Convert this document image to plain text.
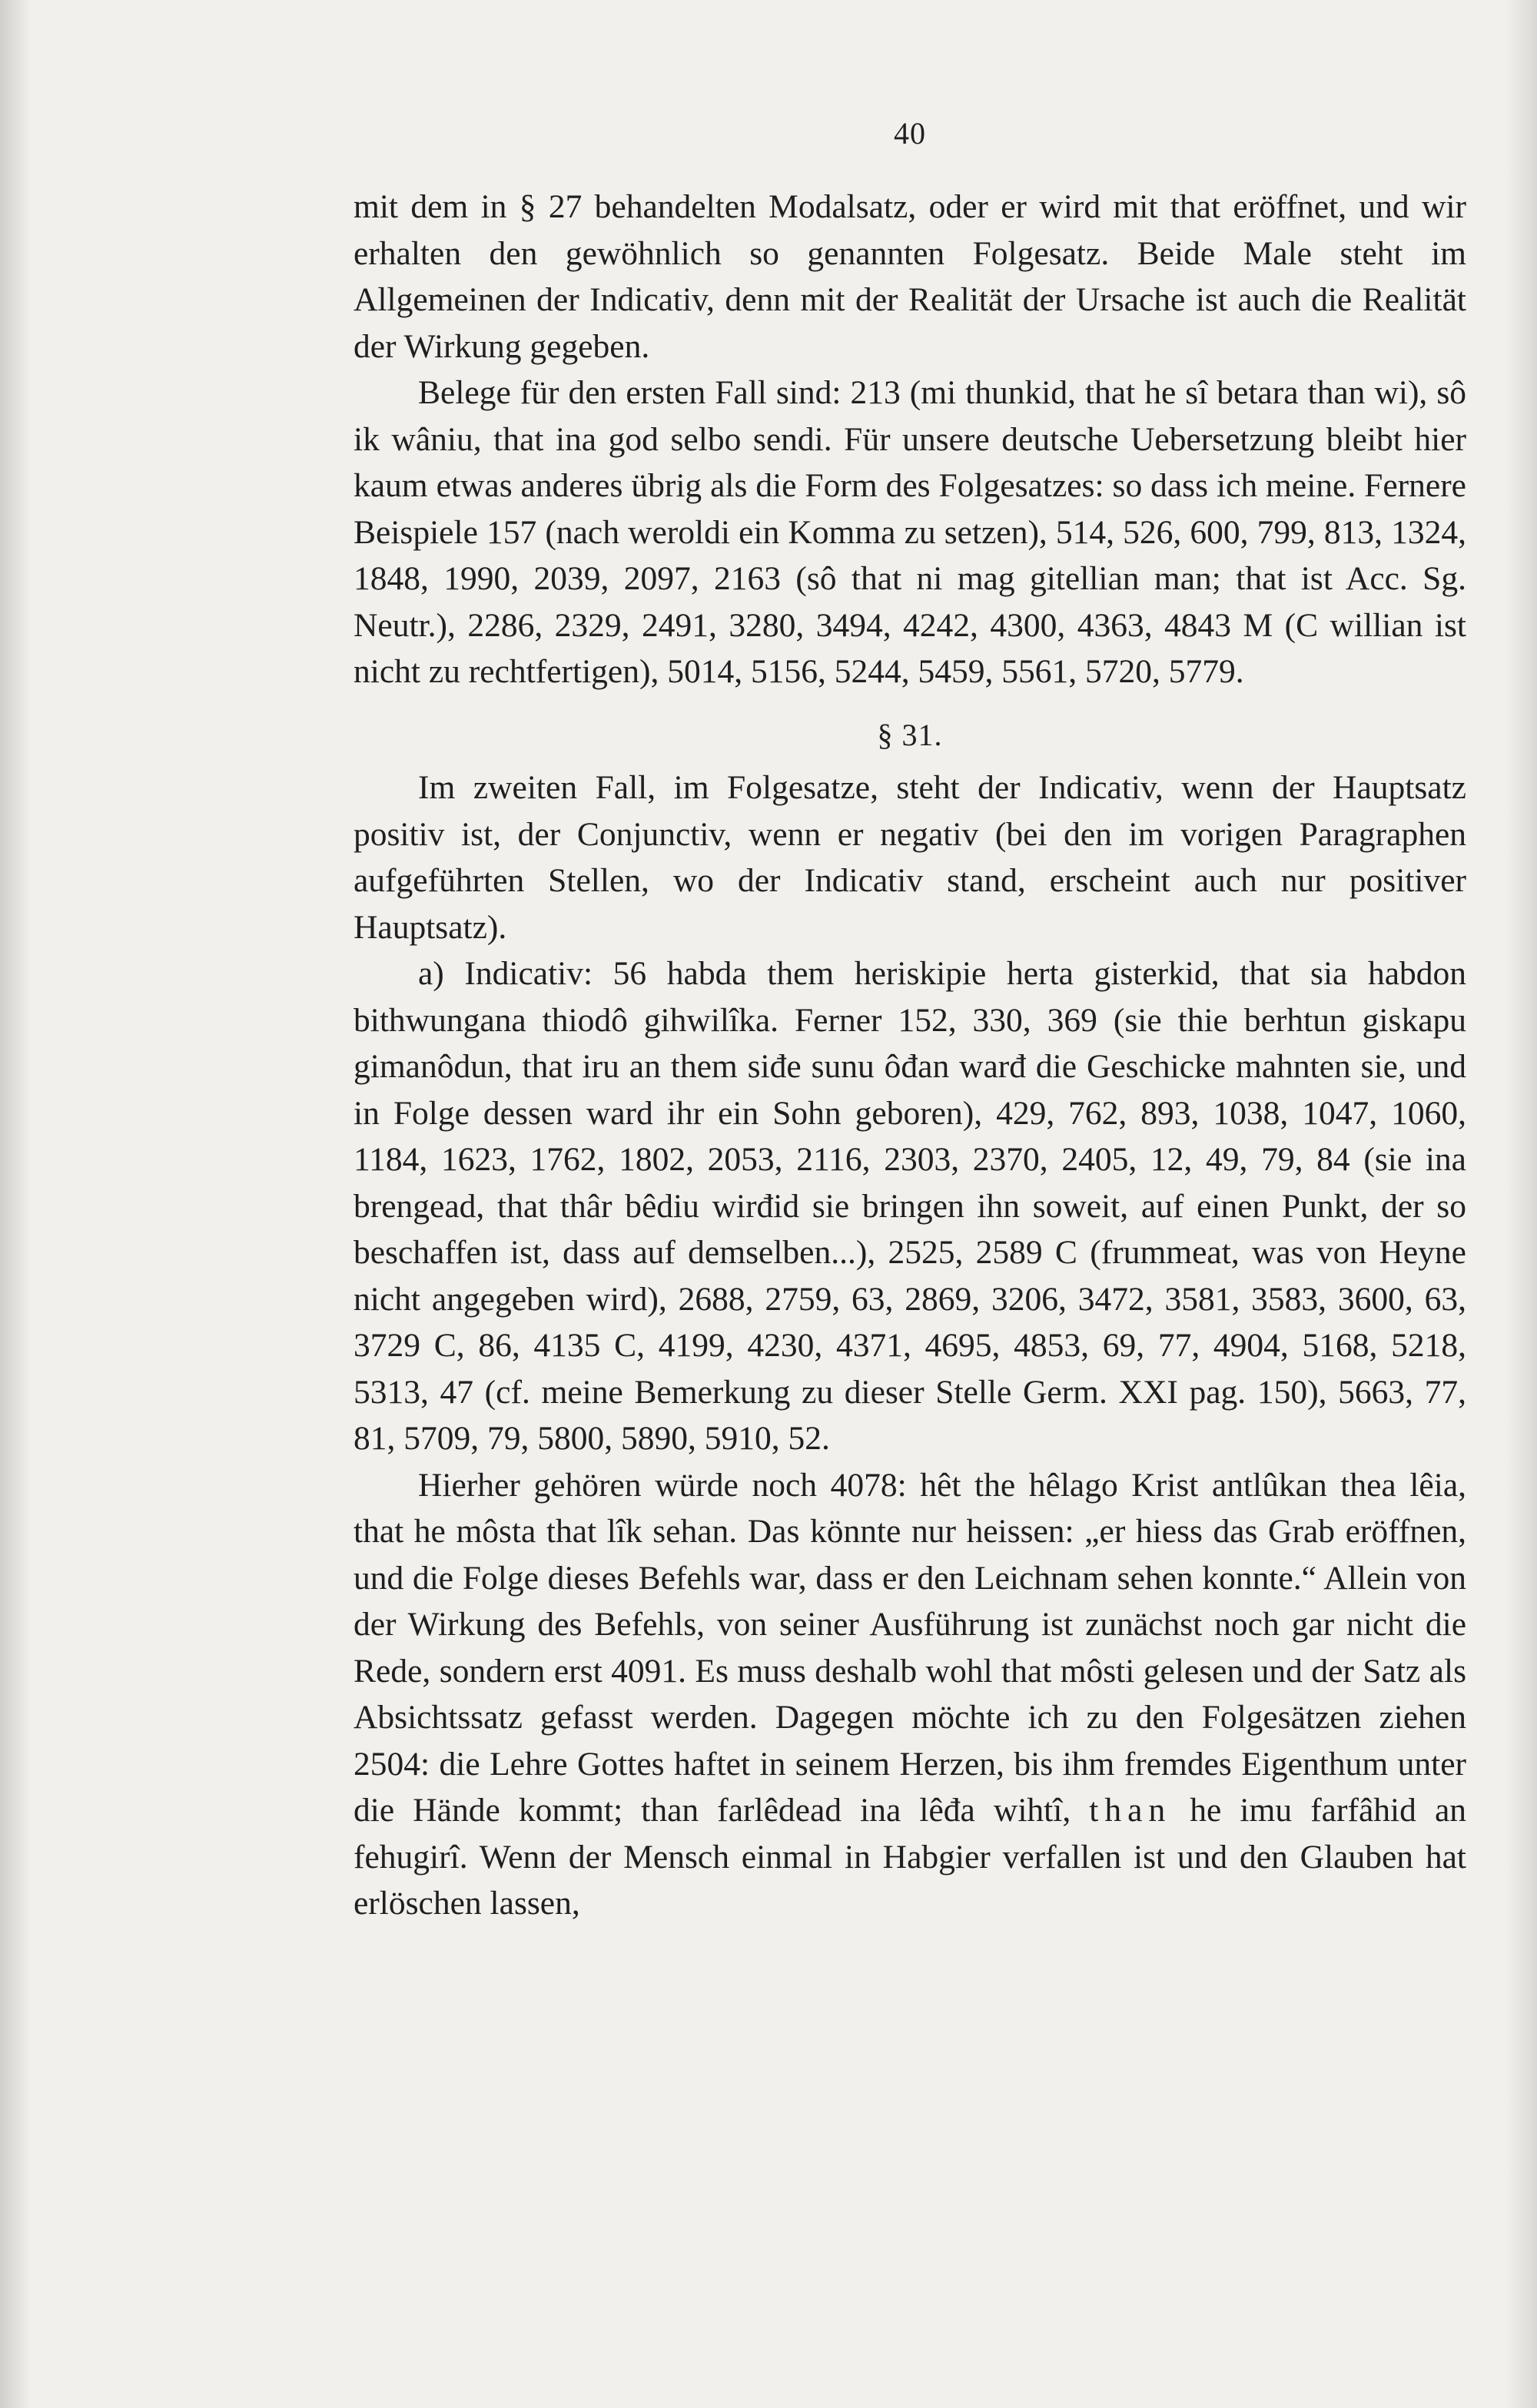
40

mit dem in § 27 behandelten Modalsatz, oder er wird mit that eröffnet, und wir erhalten den gewöhnlich so genannten Folgesatz. Beide Male steht im Allgemeinen der Indicativ, denn mit der Realität der Ursache ist auch die Realität der Wirkung gegeben.

Belege für den ersten Fall sind: 213 (mi thunkid, that he sî betara than wi), sô ik wâniu, that ina god selbo sendi. Für unsere deutsche Uebersetzung bleibt hier kaum etwas anderes übrig als die Form des Folgesatzes: so dass ich meine. Fernere Beispiele 157 (nach weroldi ein Komma zu setzen), 514, 526, 600, 799, 813, 1324, 1848, 1990, 2039, 2097, 2163 (sô that ni mag gitellian man; that ist Acc. Sg. Neutr.), 2286, 2329, 2491, 3280, 3494, 4242, 4300, 4363, 4843 M (C willian ist nicht zu rechtfertigen), 5014, 5156, 5244, 5459, 5561, 5720, 5779.

§ 31.

Im zweiten Fall, im Folgesatze, steht der Indicativ, wenn der Hauptsatz positiv ist, der Conjunctiv, wenn er negativ (bei den im vorigen Paragraphen aufgeführten Stellen, wo der Indicativ stand, erscheint auch nur positiver Hauptsatz).

a) Indicativ: 56 habda them heriskipie herta gisterkid, that sia habdon bithwungana thiodô gihwilîka. Ferner 152, 330, 369 (sie thie berhtun giskapu gimanôdun, that iru an them siđe sunu ôđan warđ die Geschicke mahnten sie, und in Folge dessen ward ihr ein Sohn geboren), 429, 762, 893, 1038, 1047, 1060, 1184, 1623, 1762, 1802, 2053, 2116, 2303, 2370, 2405, 12, 49, 79, 84 (sie ina brengead, that thâr bêdiu wirđid sie bringen ihn soweit, auf einen Punkt, der so beschaffen ist, dass auf demselben...), 2525, 2589 C (frummeat, was von Heyne nicht angegeben wird), 2688, 2759, 63, 2869, 3206, 3472, 3581, 3583, 3600, 63, 3729 C, 86, 4135 C, 4199, 4230, 4371, 4695, 4853, 69, 77, 4904, 5168, 5218, 5313, 47 (cf. meine Bemerkung zu dieser Stelle Germ. XXI pag. 150), 5663, 77, 81, 5709, 79, 5800, 5890, 5910, 52.

Hierher gehören würde noch 4078: hêt the hêlago Krist antlûkan thea lêia, that he môsta that lîk sehan. Das könnte nur heissen: „er hiess das Grab eröffnen, und die Folge dieses Befehls war, dass er den Leichnam sehen konnte.“ Allein von der Wirkung des Befehls, von seiner Ausführung ist zunächst noch gar nicht die Rede, sondern erst 4091. Es muss deshalb wohl that môsti gelesen und der Satz als Absichtssatz gefasst werden. Dagegen möchte ich zu den Folgesätzen ziehen 2504: die Lehre Gottes haftet in seinem Herzen, bis ihm fremdes Eigenthum unter die Hände kommt; than farlêdead ina lêđa wihtî, than he imu farfâhid an fehugirî. Wenn der Mensch einmal in Habgier verfallen ist und den Glauben hat erlöschen lassen,
